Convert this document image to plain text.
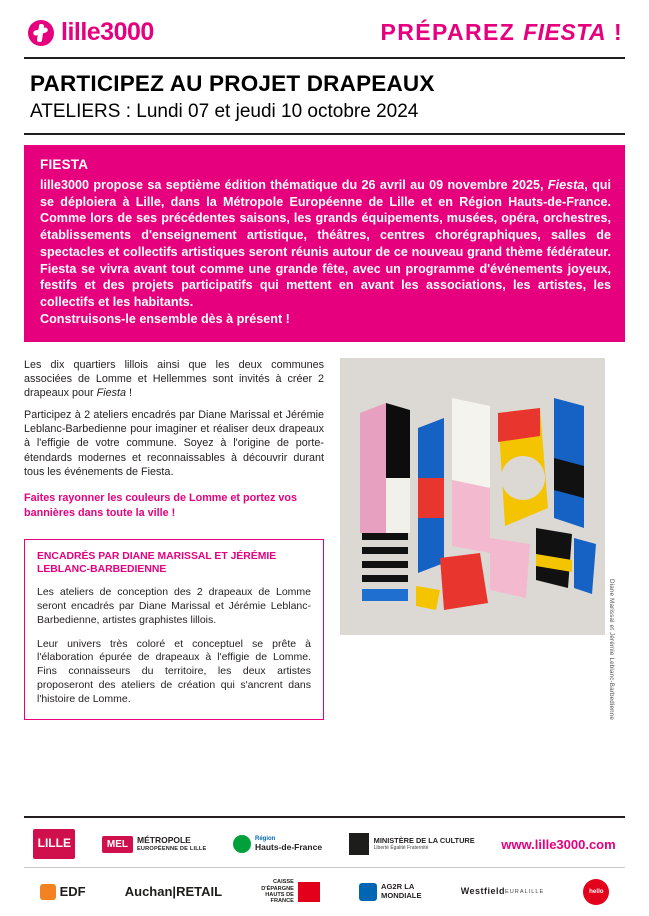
lille3000	PRÉPAREZ FIESTA !
PARTICIPEZ AU PROJET DRAPEAUX
ATELIERS : Lundi 07 et jeudi 10 octobre 2024
FIESTA
lille3000 propose sa septième édition thématique du 26 avril au 09 novembre 2025, Fiesta, qui se déploiera à Lille, dans la Métropole Européenne de Lille et en Région Hauts-de-France. Comme lors de ses précédentes saisons, les grands équipements, musées, opéra, orchestres, établissements d'enseignement artistique, théâtres, centres chorégraphiques, salles de spectacles et collectifs artistiques seront réunis autour de ce nouveau grand thème fédérateur. Fiesta se vivra avant tout comme une grande fête, avec un programme d'événements joyeux, festifs et des projets participatifs qui mettent en avant les associations, les artistes, les collectifs et les habitants.
Construisons-le ensemble dès à présent !

Les dix quartiers lillois ainsi que les deux communes associées de Lomme et Hellemmes sont invités à créer 2 drapeaux pour Fiesta !

Participez à 2 ateliers encadrés par Diane Marissal et Jérémie Leblanc-Barbedienne pour imaginer et réaliser deux drapeaux à l'effigie de votre commune. Soyez à l'origine de porte-étendards modernes et reconnaissables à découvrir durant tous les événements de Fiesta.

Faites rayonner les couleurs de Lomme et portez vos bannières dans toute la ville !

ENCADRÉS PAR DIANE MARISSAL ET JÉRÉMIE LEBLANC-BARBEDIENNE

Les ateliers de conception des 2 drapeaux de Lomme seront encadrés par Diane Marissal et Jérémie Leblanc-Barbedienne, artistes graphistes lillois.

Leur univers très coloré et conceptuel se prête à l'élaboration épurée de drapeaux à l'effigie de Lomme. Fins connaisseurs du territoire, les deux artistes proposeront des ateliers de création qui s'ancrent dans l'histoire de Lomme.	Diane Marissal et Jérémie Leblanc-Barbedienne
LILLE	MEL	MÉTROPOLE
EUROPÉENNE DE LILLE
Région
Hauts-de-France
MINISTÈRE DE LA CULTURE
Liberté Égalité Fraternité	www.lille3000.com
EDF	Auchan | RETAIL
CAISSE
D'ÉPARGNE
HAUTS DE
FRANCE
AG2R LA
MONDIALE	Westfield EURALILLE	hello
